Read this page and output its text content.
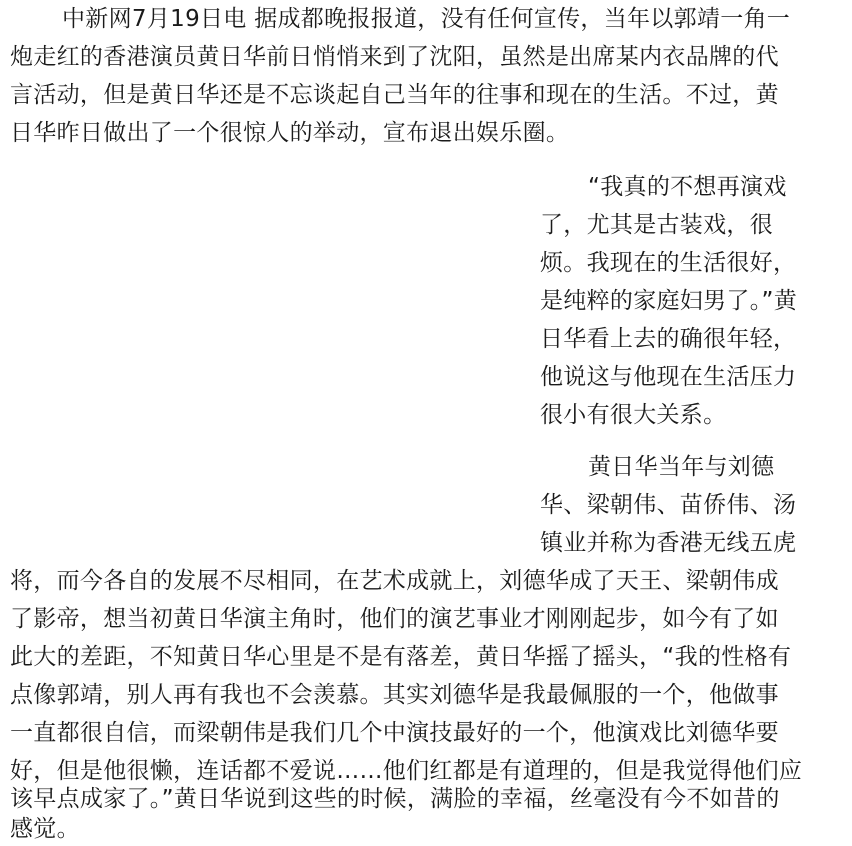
中新网7月19日电 据成都晚报报道，没有任何宣传，当年以郭靖一角一
炮走红的香港演员黄日华前日悄悄来到了沈阳，虽然是出席某内衣品牌的代
言活动，但是黄日华还是不忘谈起自己当年的往事和现在的生活。不过，黄
日华昨日做出了一个很惊人的举动，宣布退出娱乐圈。
“我真的不想再演戏
了，尤其是古装戏，很
烦。我现在的生活很好，
是纯粹的家庭妇男了。”黄
日华看上去的确很年轻，
他说这与他现在生活压力
很小有很大关系。
黄日华当年与刘德
华、梁朝伟、苗侨伟、汤
镇业并称为香港无线五虎
将，而今各自的发展不尽相同，在艺术成就上，刘德华成了天王、梁朝伟成
了影帝，想当初黄日华演主角时，他们的演艺事业才刚刚起步，如今有了如
此大的差距，不知黄日华心里是不是有落差，黄日华摇了摇头，“我的性格有
点像郭靖，别人再有我也不会羡慕。其实刘德华是我最佩服的一个，他做事
一直都很自信，而梁朝伟是我们几个中演技最好的一个，他演戏比刘德华要
好，但是他很懒，连话都不爱说……他们红都是有道理的，但是我觉得他们应
该早点成家了。”黄日华说到这些的时候，满脸的幸福，丝毫没有今不如昔的
感觉。
